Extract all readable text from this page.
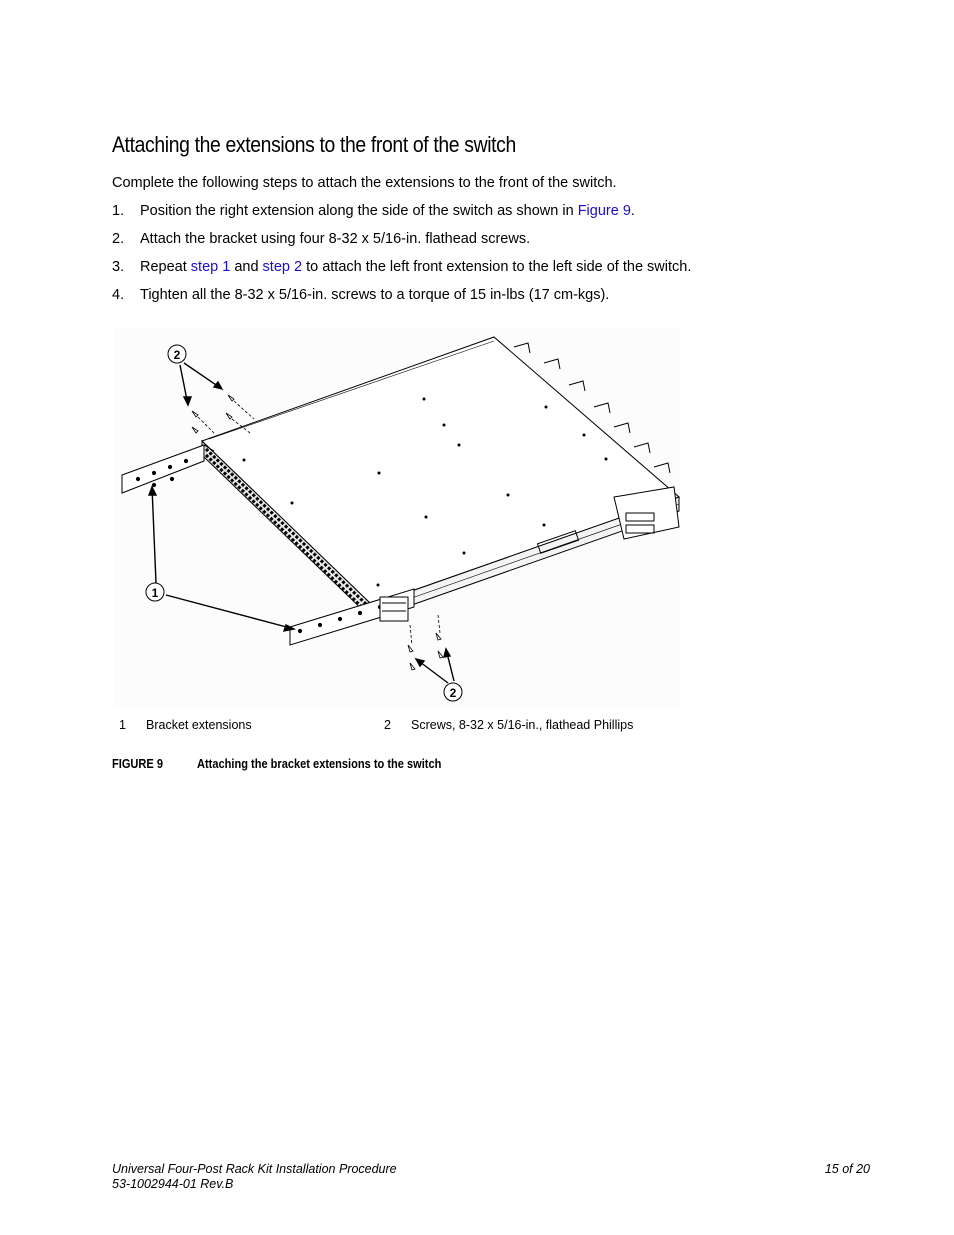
Attaching the extensions to the front of the switch
Complete the following steps to attach the extensions to the front of the switch.
1. Position the right extension along the side of the switch as shown in Figure 9.
2. Attach the bracket using four 8-32 x 5/16-in. flathead screws.
3. Repeat step 1 and step 2 to attach the left front extension to the left side of the switch.
4. Tighten all the 8-32 x 5/16-in. screws to a torque of 15 in-lbs (17 cm-kgs).
2
1
2
1 Bracket extensions	2 Screws, 8-32 x 5/16-in., flathead Phillips
FIGURE 9	Attaching the bracket extensions to the switch
Universal Four-Post Rack Kit Installation Procedure
53-1002944-01 Rev.B
15 of 20
